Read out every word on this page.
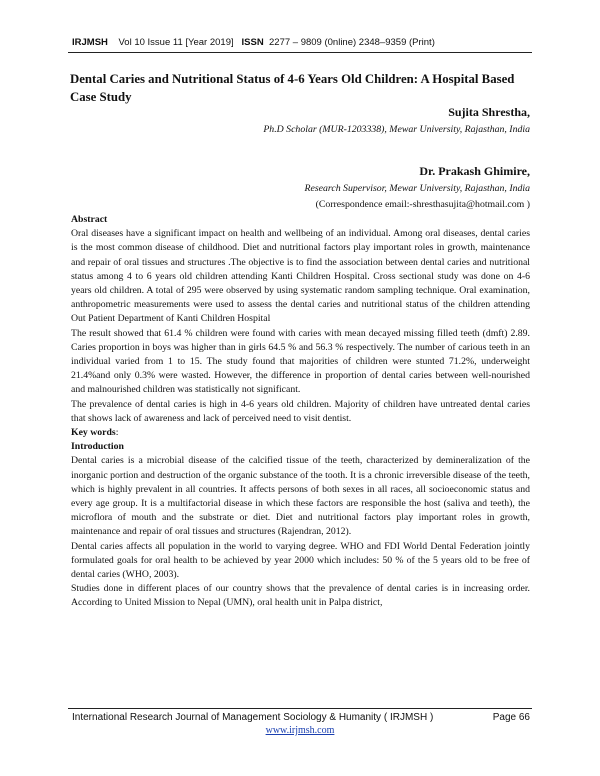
IRJMSH Vol 10 Issue 11 [Year 2019] ISSN 2277 – 9809 (0nline) 2348–9359 (Print)
Dental Caries and Nutritional Status of 4-6 Years Old Children: A Hospital Based Case Study
Sujita Shrestha,
Ph.D Scholar (MUR-1203338), Mewar University, Rajasthan, India
Dr. Prakash Ghimire,
Research Supervisor, Mewar University, Rajasthan, India
(Correspondence email:-shresthasujita@hotmail.com )

Abstract

Oral diseases have a significant impact on health and wellbeing of an individual. Among oral diseases, dental caries is the most common disease of childhood. Diet and nutritional factors play important roles in growth, maintenance and repair of oral tissues and structures .The objective is to find the association between dental caries and nutritional status among 4 to 6 years old children attending Kanti Children Hospital. Cross sectional study was done on 4-6 years old children. A total of 295 were observed by using systematic random sampling technique. Oral examination, anthropometric measurements were used to assess the dental caries and nutritional status of the children attending Out Patient Department of Kanti Children Hospital

The result showed that 61.4 % children were found with caries with mean decayed missing filled teeth (dmft) 2.89. Caries proportion in boys was higher than in girls 64.5 % and 56.3 % respectively. The number of carious teeth in an individual varied from 1 to 15. The study found that majorities of children were stunted 71.2%, underweight 21.4%and only 0.3% were wasted. However, the difference in proportion of dental caries between well-nourished and malnourished children was statistically not significant.

The prevalence of dental caries is high in 4-6 years old children. Majority of children have untreated dental caries that shows lack of awareness and lack of perceived need to visit dentist.

Key words:

Introduction

Dental caries is a microbial disease of the calcified tissue of the teeth, characterized by demineralization of the inorganic portion and destruction of the organic substance of the tooth. It is a chronic irreversible disease of the teeth, which is highly prevalent in all countries. It affects persons of both sexes in all races, all socioeconomic status and every age group. It is a multifactorial disease in which these factors are responsible the host (saliva and teeth), the microflora of mouth and the substrate or diet. Diet and nutritional factors play important roles in growth, maintenance and repair of oral tissues and structures (Rajendran, 2012).

Dental caries affects all population in the world to varying degree. WHO and FDI World Dental Federation jointly formulated goals for oral health to be achieved by year 2000 which includes: 50 % of the 5 years old to be free of dental caries (WHO, 2003).

Studies done in different places of our country shows that the prevalence of dental caries is in increasing order. According to United Mission to Nepal (UMN), oral health unit in Palpa district,

International Research Journal of Management Sociology & Humanity ( IRJMSH )	Page 66
www.irjmsh.com
